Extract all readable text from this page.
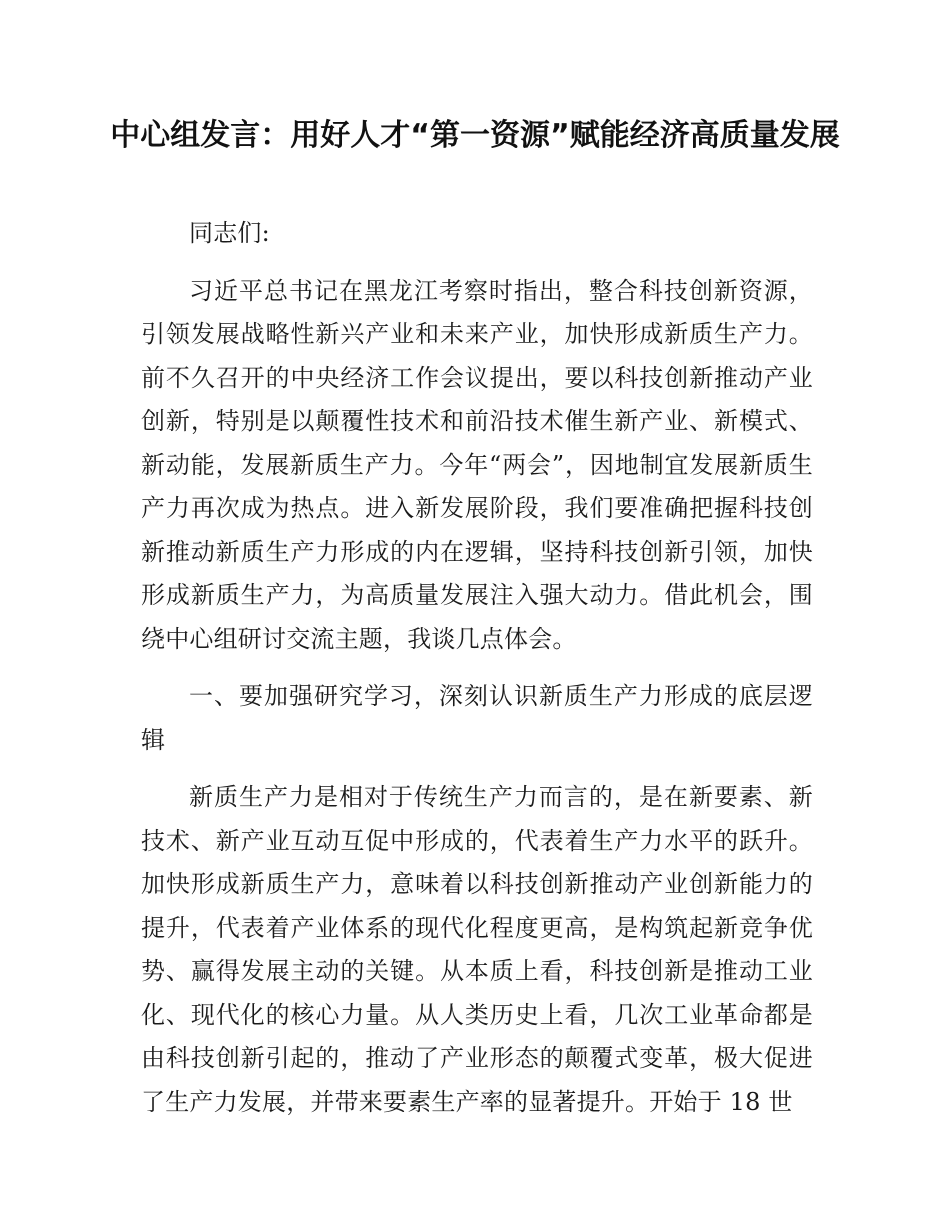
中心组发言：用好人才“第一资源”赋能经济高质量发展

同志们:

习近平总书记在黑龙江考察时指出，整合科技创新资源，引领发展战略性新兴产业和未来产业，加快形成新质生产力。前不久召开的中央经济工作会议提出，要以科技创新推动产业创新，特别是以颠覆性技术和前沿技术催生新产业、新模式、新动能，发展新质生产力。今年“两会”，因地制宜发展新质生产力再次成为热点。进入新发展阶段，我们要准确把握科技创新推动新质生产力形成的内在逻辑，坚持科技创新引领，加快形成新质生产力，为高质量发展注入强大动力。借此机会，围绕中心组研讨交流主题，我谈几点体会。

一、要加强研究学习，深刻认识新质生产力形成的底层逻辑

新质生产力是相对于传统生产力而言的，是在新要素、新技术、新产业互动互促中形成的，代表着生产力水平的跃升。加快形成新质生产力，意味着以科技创新推动产业创新能力的提升，代表着产业体系的现代化程度更高，是构筑起新竞争优势、赢得发展主动的关键。从本质上看，科技创新是推动工业化、现代化的核心力量。从人类历史上看，几次工业革命都是由科技创新引起的，推动了产业形态的颠覆式变革，极大促进了生产力发展，并带来要素生产率的显著提升。开始于 18 世
